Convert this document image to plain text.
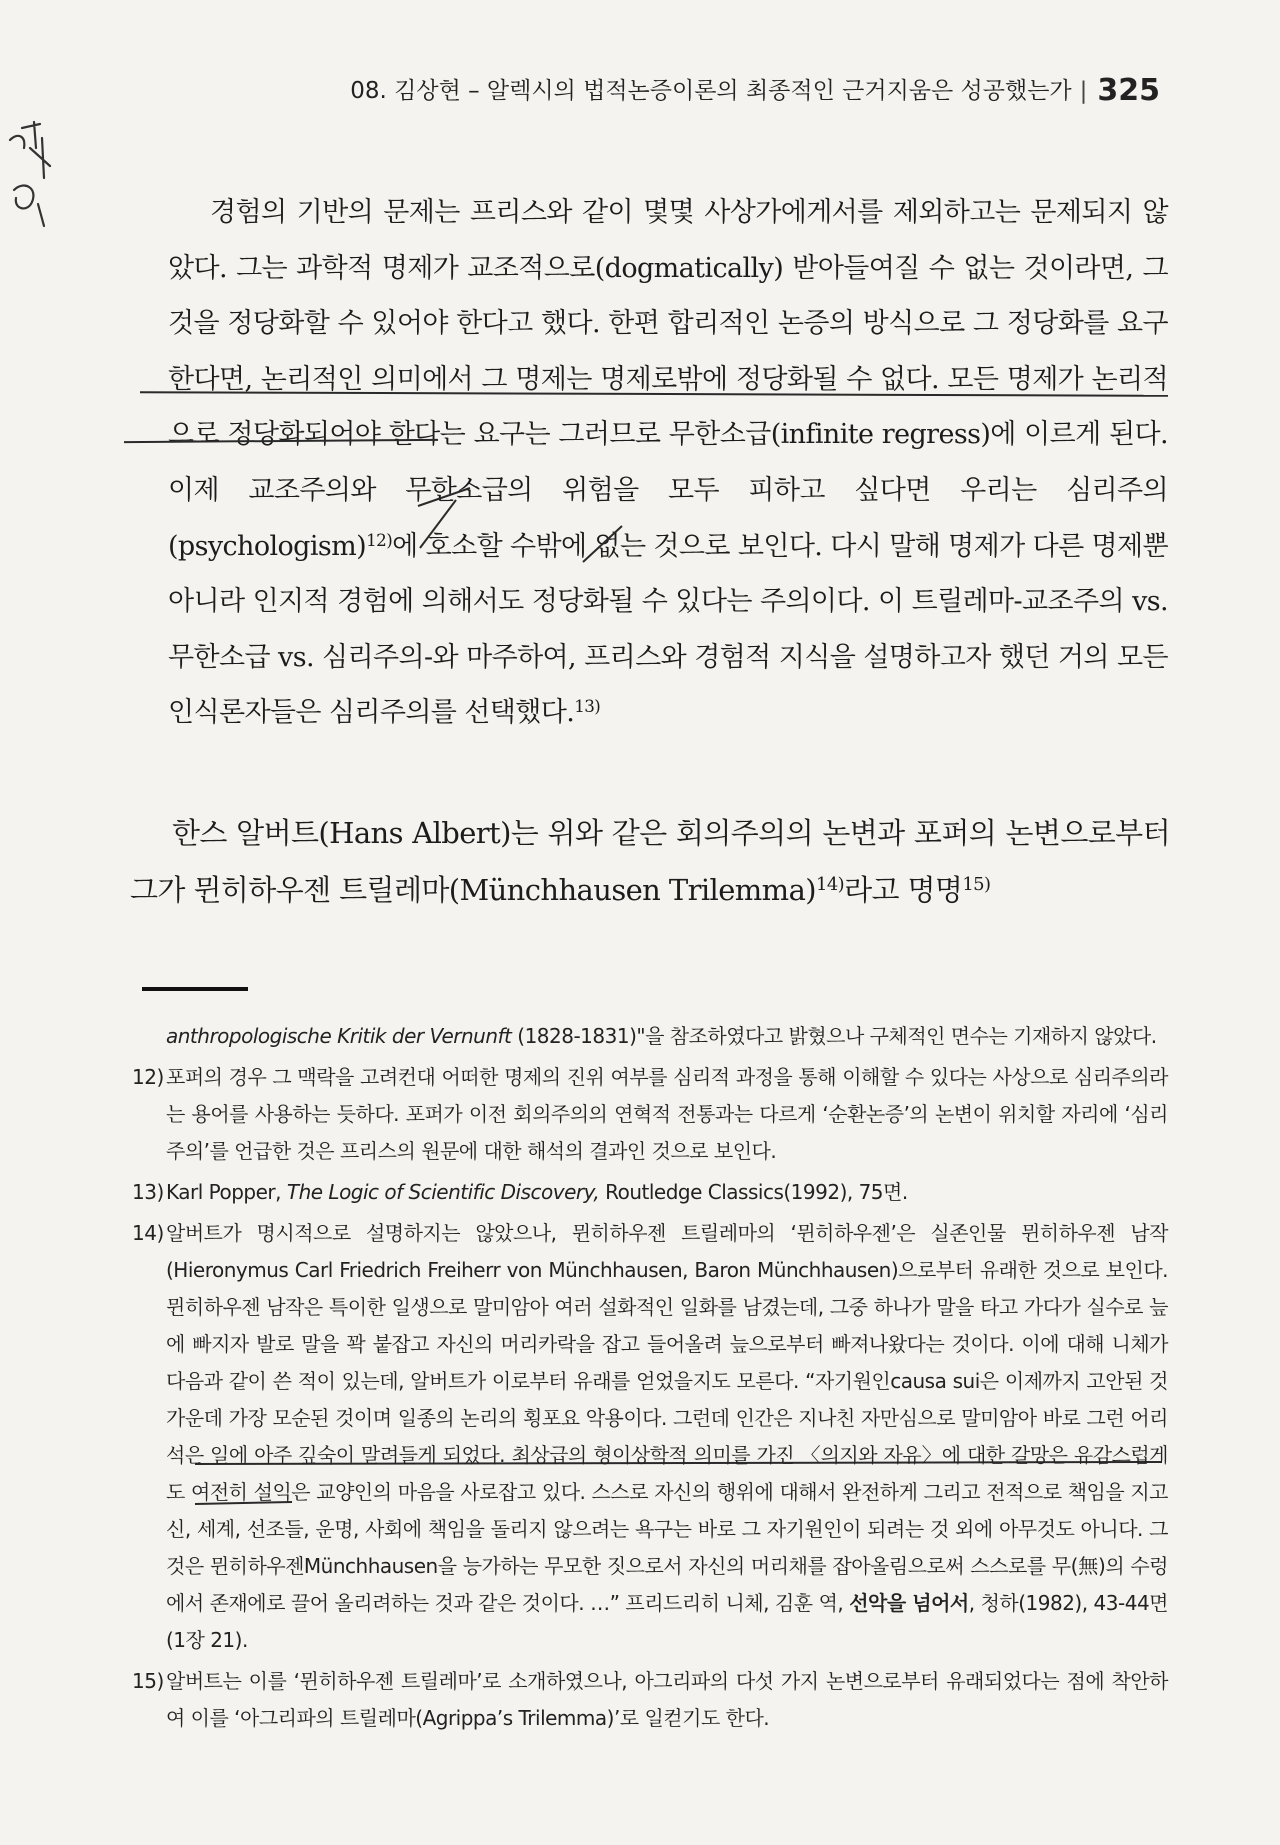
08. 김상현 – 알렉시의 법적논증이론의 최종적인 근거지움은 성공했는가 | 325
경험의 기반의 문제는 프리스와 같이 몇몇 사상가에게서를 제외하고는 문제되지 않았다. 그는 과학적 명제가 교조적으로(dogmatically) 받아들여질 수 없는 것이라면, 그것을 정당화할 수 있어야 한다고 했다. 한편 합리적인 논증의 방식으로 그 정당화를 요구한다면, 논리적인 의미에서 그 명제는 명제로밖에 정당화될 수 없다. 모든 명제가 논리적으로 정당화되어야 한다는 요구는 그러므로 무한소급(infinite regress)에 이르게 된다. 이제 교조주의와 무한소급의 위험을 모두 피하고 싶다면 우리는 심리주의(psychologism)$^{12)}$에 호소할 수밖에 없는 것으로 보인다. 다시 말해 명제가 다른 명제뿐 아니라 인지적 경험에 의해서도 정당화될 수 있다는 주의이다. 이 트릴레마-교조주의 vs. 무한소급 vs. 심리주의-와 마주하여, 프리스와 경험적 지식을 설명하고자 했던 거의 모든 인식론자들은 심리주의를 선택했다.$^{13)}$
한스 알버트(Hans Albert)는 위와 같은 회의주의의 논변과 포퍼의 논변으로부터 그가 뮌히하우젠 트릴레마(Münchhausen Trilemma)$^{14)}$라고 명명$^{15)}$

anthropologische Kritik der Vernunft (1828-1831)"을 참조하였다고 밝혔으나 구체적인 면수는 기재하지 않았다.

12) 포퍼의 경우 그 맥락을 고려컨대 어떠한 명제의 진위 여부를 심리적 과정을 통해 이해할 수 있다는 사상으로 심리주의라는 용어를 사용하는 듯하다. 포퍼가 이전 회의주의의 연혁적 전통과는 다르게 ‘순환논증’의 논변이 위치할 자리에 ‘심리주의’를 언급한 것은 프리스의 원문에 대한 해석의 결과인 것으로 보인다.
13) Karl Popper, The Logic of Scientific Discovery, Routledge Classics(1992), 75면.
14) 알버트가 명시적으로 설명하지는 않았으나, 뮌히하우젠 트릴레마의 ‘뮌히하우젠’은 실존인물 뮌히하우젠 남작(Hieronymus Carl Friedrich Freiherr von Münchhausen, Baron Münchhausen)으로부터 유래한 것으로 보인다. 뮌히하우젠 남작은 특이한 일생으로 말미암아 여러 설화적인 일화를 남겼는데, 그중 하나가 말을 타고 가다가 실수로 늪에 빠지자 발로 말을 꽉 붙잡고 자신의 머리카락을 잡고 들어올려 늪으로부터 빠져나왔다는 것이다. 이에 대해 니체가 다음과 같이 쓴 적이 있는데, 알버트가 이로부터 유래를 얻었을지도 모른다. “자기원인causa sui은 이제까지 고안된 것 가운데 가장 모순된 것이며 일종의 논리의 횡포요 악용이다. 그런데 인간은 지나친 자만심으로 말미암아 바로 그런 어리석은 일에 아주 깊숙이 말려들게 되었다. 최상급의 형이상학적 의미를 가진 〈의지와 자유〉에 대한 갈망은 유감스럽게도 여전히 설익은 교양인의 마음을 사로잡고 있다. 스스로 자신의 행위에 대해서 완전하게 그리고 전적으로 책임을 지고 신, 세계, 선조들, 운명, 사회에 책임을 돌리지 않으려는 욕구는 바로 그 자기원인이 되려는 것 외에 아무것도 아니다. 그것은 뮌히하우젠Münchhausen을 능가하는 무모한 짓으로서 자신의 머리채를 잡아올림으로써 스스로를 무(無)의 수렁에서 존재에로 끌어 올리려하는 것과 같은 것이다. …” 프리드리히 니체, 김훈 역, 선악을 넘어서, 청하(1982), 43-44면(1장 21).
15) 알버트는 이를 ‘뮌히하우젠 트릴레마’로 소개하였으나, 아그리파의 다섯 가지 논변으로부터 유래되었다는 점에 착안하여 이를 ‘아그리파의 트릴레마(Agrippa’s Trilemma)’로 일컫기도 한다.
